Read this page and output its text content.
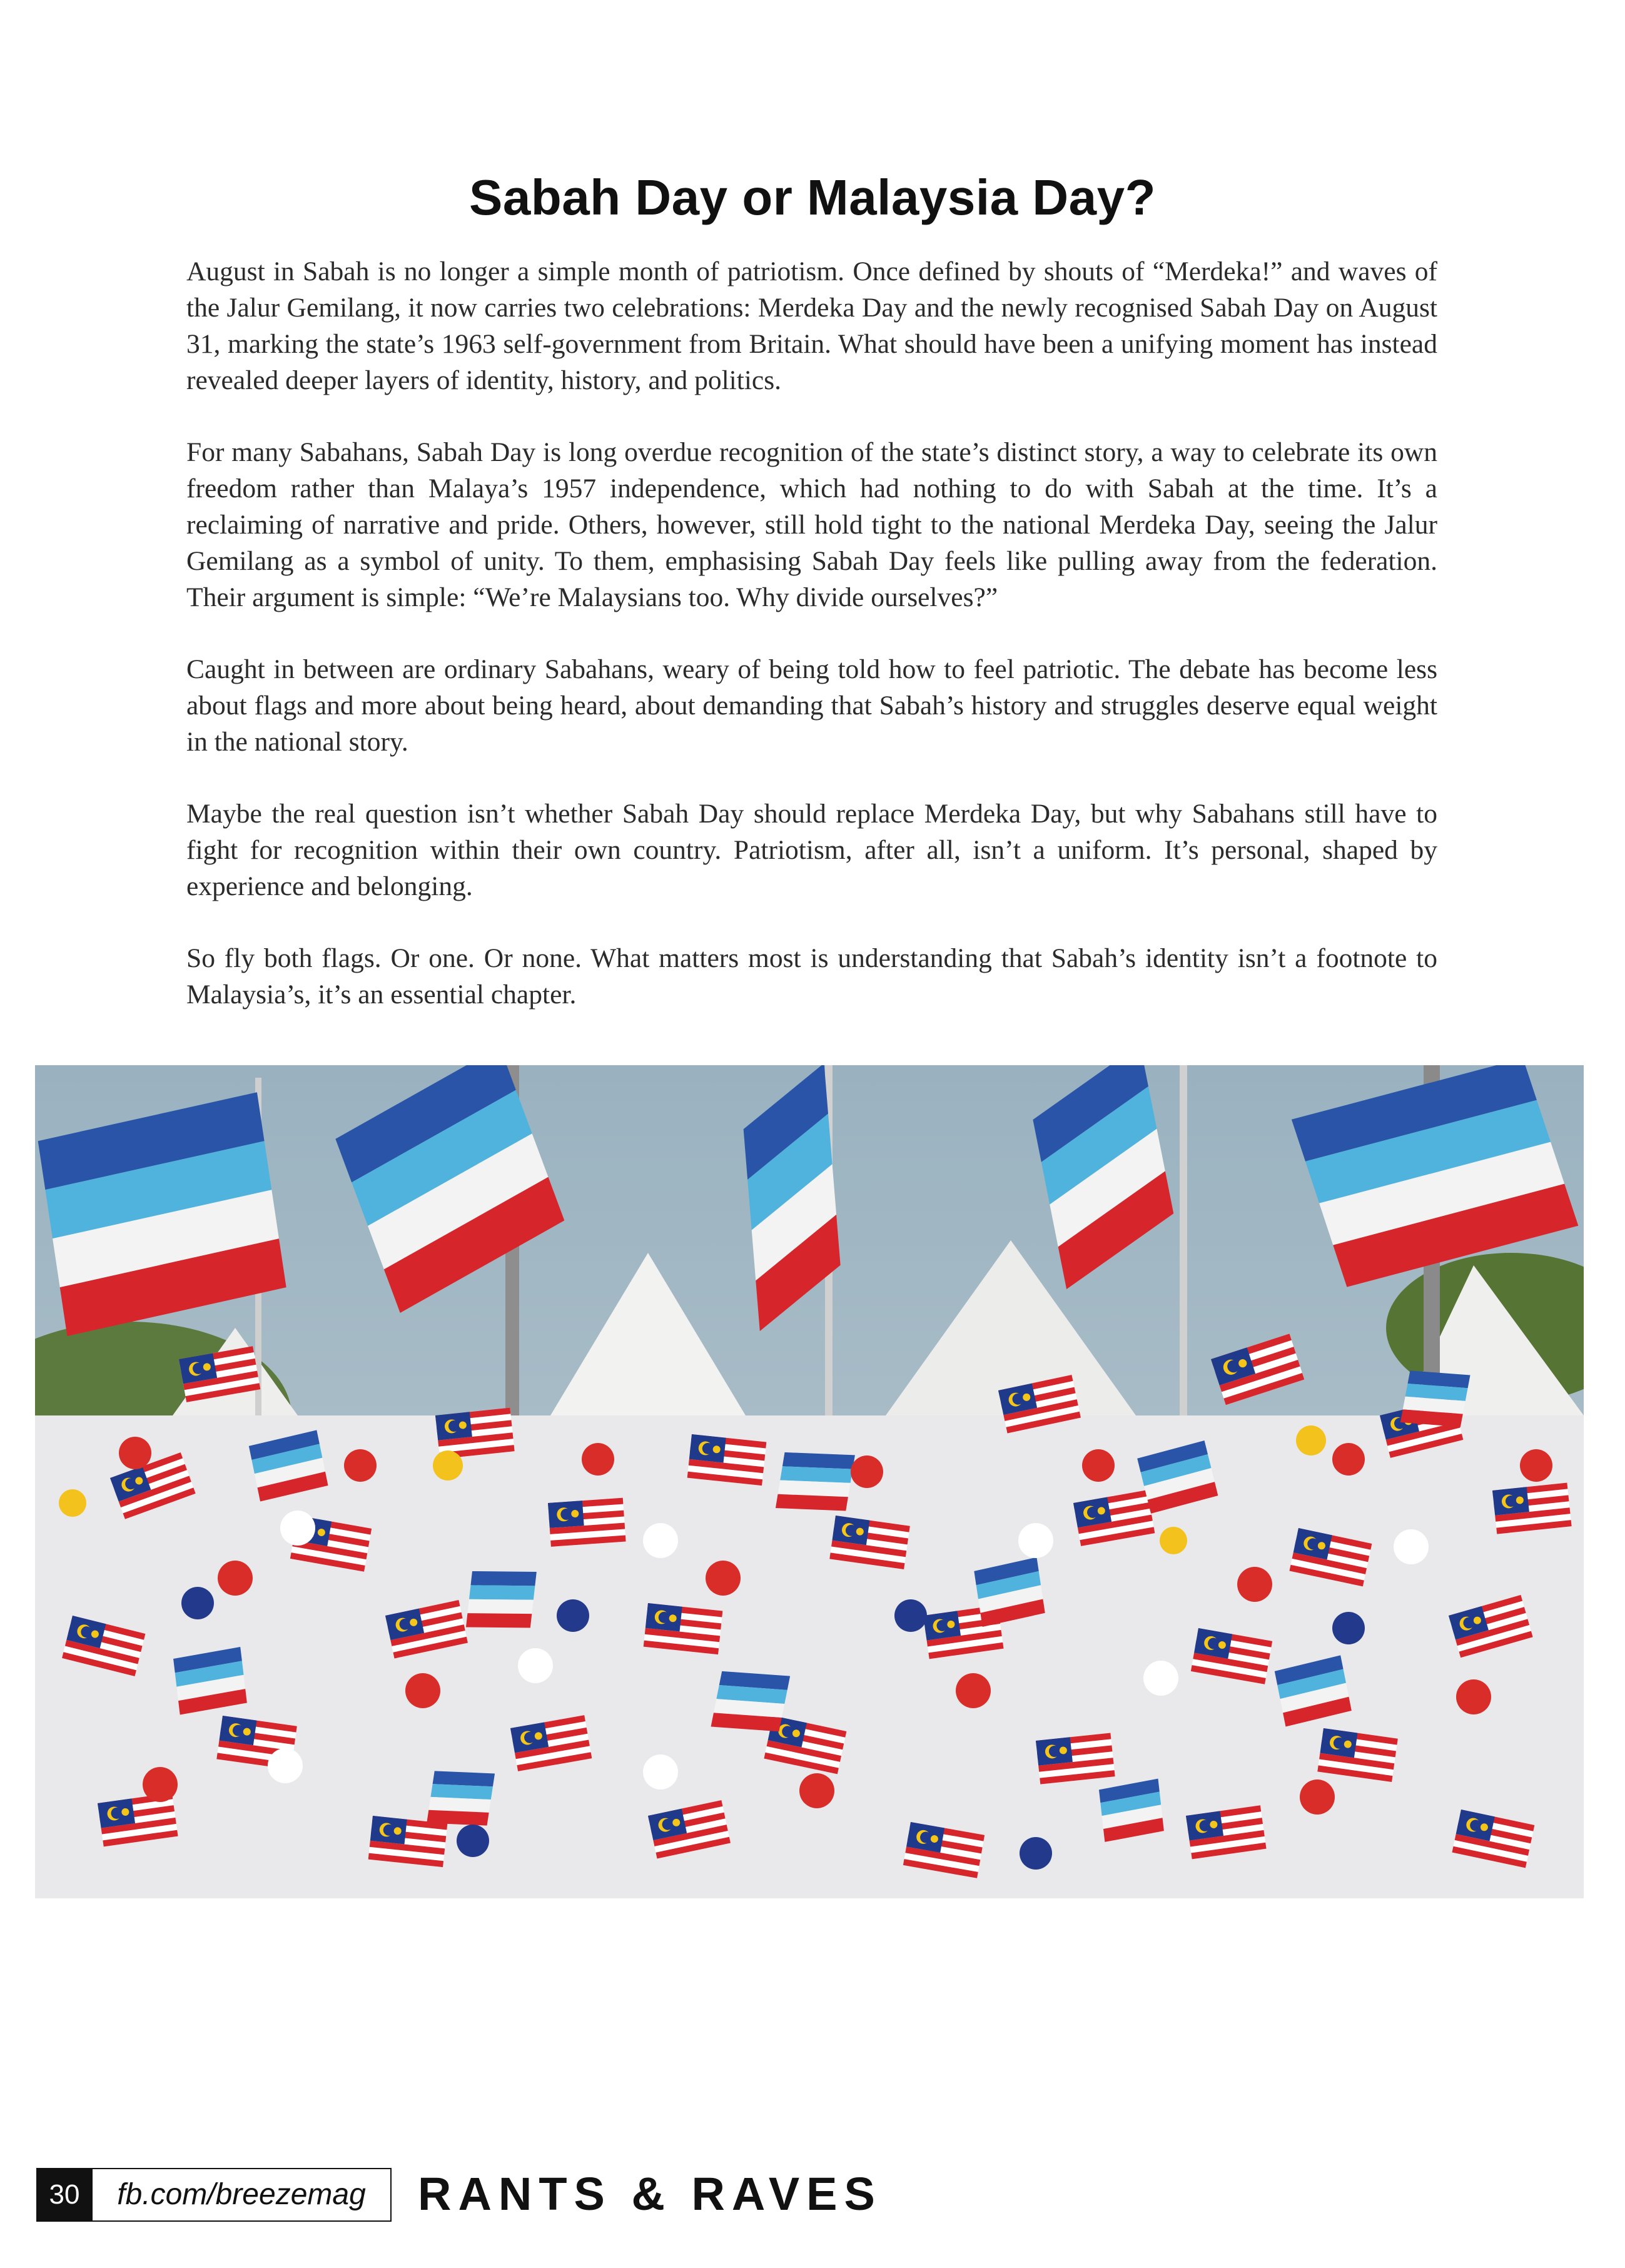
Sabah Day or Malaysia Day?

August in Sabah is no longer a simple month of patriotism. Once defined by shouts of “Merdeka!” and waves of the Jalur Gemilang, it now carries two celebrations: Merdeka Day and the newly recognised Sabah Day on August 31, marking the state’s 1963 self-government from Britain. What should have been a unifying moment has instead revealed deeper layers of identity, history, and politics.

For many Sabahans, Sabah Day is long overdue recognition of the state’s distinct story, a way to celebrate its own freedom rather than Malaya’s 1957 independence, which had nothing to do with Sabah at the time. It’s a reclaiming of narrative and pride. Others, however, still hold tight to the national Merdeka Day, seeing the Jalur Gemilang as a symbol of unity. To them, emphasising Sabah Day feels like pulling away from the federation. Their argument is simple: “We’re Malaysians too. Why divide ourselves?”

Caught in between are ordinary Sabahans, weary of being told how to feel patriotic. The debate has become less about flags and more about being heard, about demanding that Sabah’s history and struggles deserve equal weight in the national story.

Maybe the real question isn’t whether Sabah Day should replace Merdeka Day, but why Sabahans still have to fight for recognition within their own country. Patriotism, after all, isn’t a uniform. It’s personal, shaped by experience and belonging.

So fly both flags. Or one. Or none. What matters most is understanding that Sabah’s identity isn’t a footnote to Malaysia’s, it’s an essential chapter.

30	fb.com/breezemag	RANTS & RAVES
